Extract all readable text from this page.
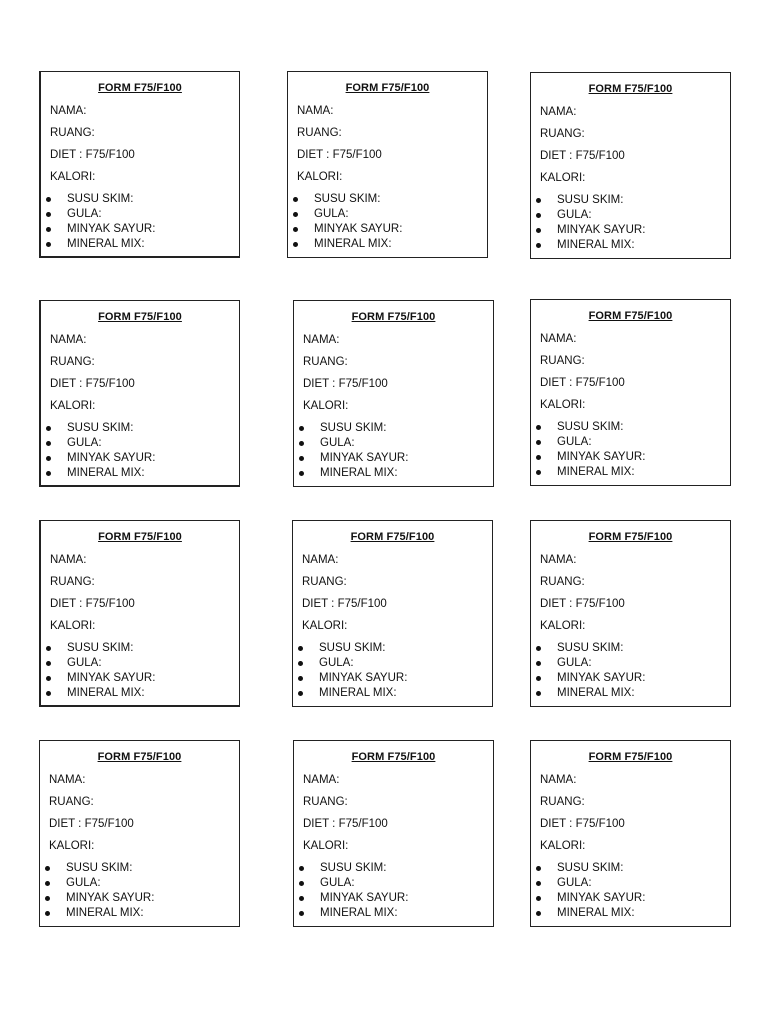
FORM F75/F100
NAMA:
RUANG:
DIET : F75/F100
KALORI:
SUSU SKIM:
GULA:
MINYAK SAYUR:
MINERAL MIX:
FORM F75/F100
NAMA:
RUANG:
DIET : F75/F100
KALORI:
SUSU SKIM:
GULA:
MINYAK SAYUR:
MINERAL MIX:
FORM F75/F100
NAMA:
RUANG:
DIET : F75/F100
KALORI:
SUSU SKIM:
GULA:
MINYAK SAYUR:
MINERAL MIX:
FORM F75/F100
NAMA:
RUANG:
DIET : F75/F100
KALORI:
SUSU SKIM:
GULA:
MINYAK SAYUR:
MINERAL MIX:
FORM F75/F100
NAMA:
RUANG:
DIET : F75/F100
KALORI:
SUSU SKIM:
GULA:
MINYAK SAYUR:
MINERAL MIX:
FORM F75/F100
NAMA:
RUANG:
DIET : F75/F100
KALORI:
SUSU SKIM:
GULA:
MINYAK SAYUR:
MINERAL MIX:
FORM F75/F100
NAMA:
RUANG:
DIET : F75/F100
KALORI:
SUSU SKIM:
GULA:
MINYAK SAYUR:
MINERAL MIX:
FORM F75/F100
NAMA:
RUANG:
DIET : F75/F100
KALORI:
SUSU SKIM:
GULA:
MINYAK SAYUR:
MINERAL MIX:
FORM F75/F100
NAMA:
RUANG:
DIET : F75/F100
KALORI:
SUSU SKIM:
GULA:
MINYAK SAYUR:
MINERAL MIX:
FORM F75/F100
NAMA:
RUANG:
DIET : F75/F100
KALORI:
SUSU SKIM:
GULA:
MINYAK SAYUR:
MINERAL MIX:
FORM F75/F100
NAMA:
RUANG:
DIET : F75/F100
KALORI:
SUSU SKIM:
GULA:
MINYAK SAYUR:
MINERAL MIX:
FORM F75/F100
NAMA:
RUANG:
DIET : F75/F100
KALORI:
SUSU SKIM:
GULA:
MINYAK SAYUR:
MINERAL MIX:
